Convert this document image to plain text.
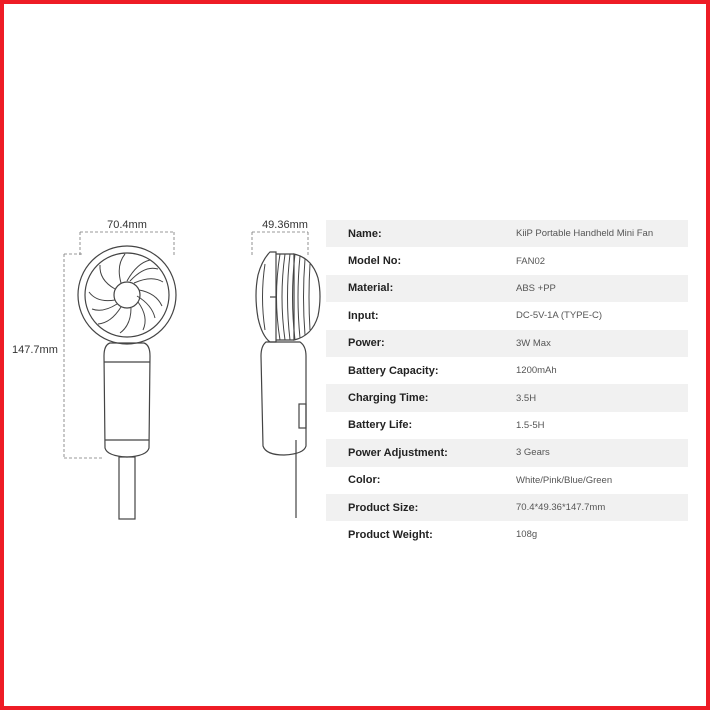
70.4mm
147.7mm
49.36mm
Name:	KiiP Portable Handheld Mini Fan
Model No:	FAN02
Material:	ABS +PP
Input:	DC-5V-1A (TYPE-C)
Power:	3W Max
Battery Capacity:	1200mAh
Charging Time:	3.5H
Battery Life:	1.5-5H
Power Adjustment:	3 Gears
Color:	White/Pink/Blue/Green
Product Size:	70.4*49.36*147.7mm
Product Weight:	108g
